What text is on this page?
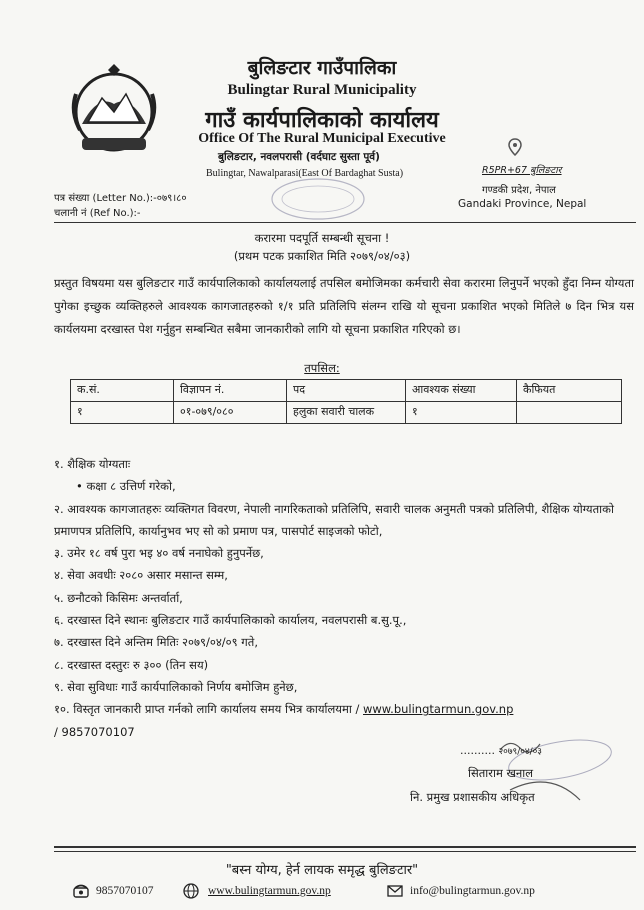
बुलिङटार गाउँपालिका
Bulingtar Rural Municipality
गाउँ कार्यपालिकाको कार्यालय
Office Of The Rural Municipal Executive
बुलिङटार, नवलपरासी (वर्दघाट सुस्ता पूर्व)
Bulingtar, Nawalparasi(East Of Bardaghat Susta)	R5PR+67 बुलिङटार
गण्डकी प्रदेश, नेपाल
Gandaki Province, Nepal
पत्र संख्या (Letter No.):-०७९।८०
चलानी नं (Ref No.):-
करारमा पदपूर्ति सम्बन्धी सूचना !
(प्रथम पटक प्रकाशित मिति २०७९/०४/०३)
प्रस्तुत विषयमा यस बुलिङटार गाउँ कार्यपालिकाको कार्यालयलाई तपसिल बमोजिमका कर्मचारी सेवा करारमा लिनुपर्ने भएको हुँदा निम्न योग्यता पुगेका इच्छुक व्यक्तिहरुले आवश्यक कागजातहरुको १/१ प्रति प्रतिलिपि संलग्न राखि यो सूचना प्रकाशित भएको मितिले ७ दिन भित्र यस कार्यलयमा दरखास्त पेश गर्नुहुन सम्बन्धित सबैमा जानकारीको लागि यो सूचना प्रकाशित गरिएको छ।
तपसिल:
क.सं.	विज्ञापन नं.	पद	आवश्यक संख्या	कैफियत
१	०१-०७९/०८०	हलुका सवारी चालक	१	
१. शैक्षिक योग्यताः
• कक्षा ८ उत्तिर्ण गरेको,
२. आवश्यक कागजातहरुः व्यक्तिगत विवरण, नेपाली नागरिकताको प्रतिलिपि, सवारी चालक अनुमती पत्रको प्रतिलिपी, शैक्षिक योग्यताको प्रमाणपत्र प्रतिलिपि, कार्यानुभव भए सो को प्रमाण पत्र, पासपोर्ट साइजको फोटो,
३. उमेर १८ वर्ष पुरा भइ ४० वर्ष ननाघेको हुनुपर्नेछ,
४. सेवा अवधीः २०८० असार मसान्त सम्म,
५. छनौटको किसिमः अन्तर्वार्ता,
६. दरखास्त दिने स्थानः बुलिङटार गाउँ कार्यपालिकाको कार्यालय, नवलपरासी ब.सु.पू.,
७. दरखास्त दिने अन्तिम मितिः २०७९/०४/०९ गते,
८. दरखास्त दस्तुरः रु ३०० (तिन सय)
९. सेवा सुविधाः गाउँ कार्यपालिकाको निर्णय बमोजिम हुनेछ,
१०. विस्तृत जानकारी प्राप्त गर्नको लागि कार्यालय समय भित्र कार्यालयमा / www.bulingtarmun.gov.np
/ 9857070107
.......... २०७९/०४/०३
सिताराम खनाल
नि. प्रमुख प्रशासकीय अधिकृत
"बस्न योग्य, हेर्न लायक समृद्ध बुलिङटार"
9857070107	www.bulingtarmun.gov.np	info@bulingtarmun.gov.np
